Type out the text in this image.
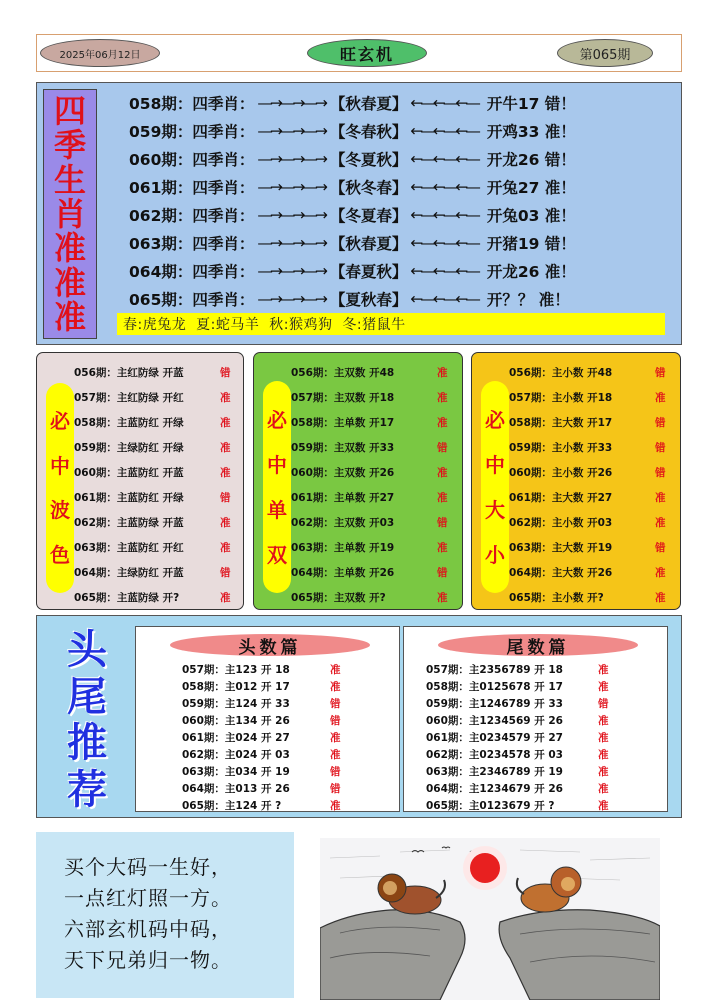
2025年06月12日	旺玄机	第065期
四
季
生
肖
准
准
准
058期： 四季肖： —→—→—→ 【秋春夏】 ←—←—←— 开牛17 错！
059期： 四季肖： —→—→—→ 【冬春秋】 ←—←—←— 开鸡33 准！
060期： 四季肖： —→—→—→ 【冬夏秋】 ←—←—←— 开龙26 错！
061期： 四季肖： —→—→—→ 【秋冬春】 ←—←—←— 开兔27 准！
062期： 四季肖： —→—→—→ 【冬夏春】 ←—←—←— 开兔03 准！
063期： 四季肖： —→—→—→ 【秋春夏】 ←—←—←— 开猪19 错！
064期： 四季肖： —→—→—→ 【春夏秋】 ←—←—←— 开龙26 准！
065期： 四季肖： —→—→—→ 【夏秋春】 ←—←—←— 开？？ 准！
春:虎兔龙  夏:蛇马羊  秋:猴鸡狗  冬:猪鼠牛
必
中
波
色
056期：主红防绿 开蓝	错
057期：主红防绿 开红	准
058期：主蓝防红 开绿	准
059期：主绿防红 开绿	准
060期：主蓝防红 开蓝	准
061期：主蓝防红 开绿	错
062期：主蓝防绿 开蓝	准
063期：主蓝防红 开红	准
064期：主绿防红 开蓝	错
065期：主蓝防绿 开?	准
必
中
单
双
056期：主双数 开48	准
057期：主双数 开18	准
058期：主单数 开17	准
059期：主双数 开33	错
060期：主双数 开26	准
061期：主单数 开27	准
062期：主双数 开03	错
063期：主单数 开19	准
064期：主单数 开26	错
065期：主双数 开?	准
必
中
大
小
056期：主小数 开48	错
057期：主小数 开18	准
058期：主大数 开17	错
059期：主小数 开33	错
060期：主小数 开26	错
061期：主大数 开27	准
062期：主小数 开03	准
063期：主大数 开19	错
064期：主大数 开26	准
065期：主小数 开?	准
头
尾
推
荐
头数篇
057期：主123 开 18	准
058期：主012 开 17	准
059期：主124 开 33	错
060期：主134 开 26	错
061期：主024 开 27	准
062期：主024 开 03	准
063期：主034 开 19	错
064期：主013 开 26	错
065期：主124 开 ?	准
尾数篇
057期：主2356789 开 18	准
058期：主0125678 开 17	准
059期：主1246789 开 33	错
060期：主1234569 开 26	准
061期：主0234579 开 27	准
062期：主0234578 开 03	准
063期：主2346789 开 19	准
064期：主1234679 开 26	准
065期：主0123679 开 ?	准
买个大码一生好，
一点红灯照一方。
六部玄机码中码，
天下兄弟归一物。
